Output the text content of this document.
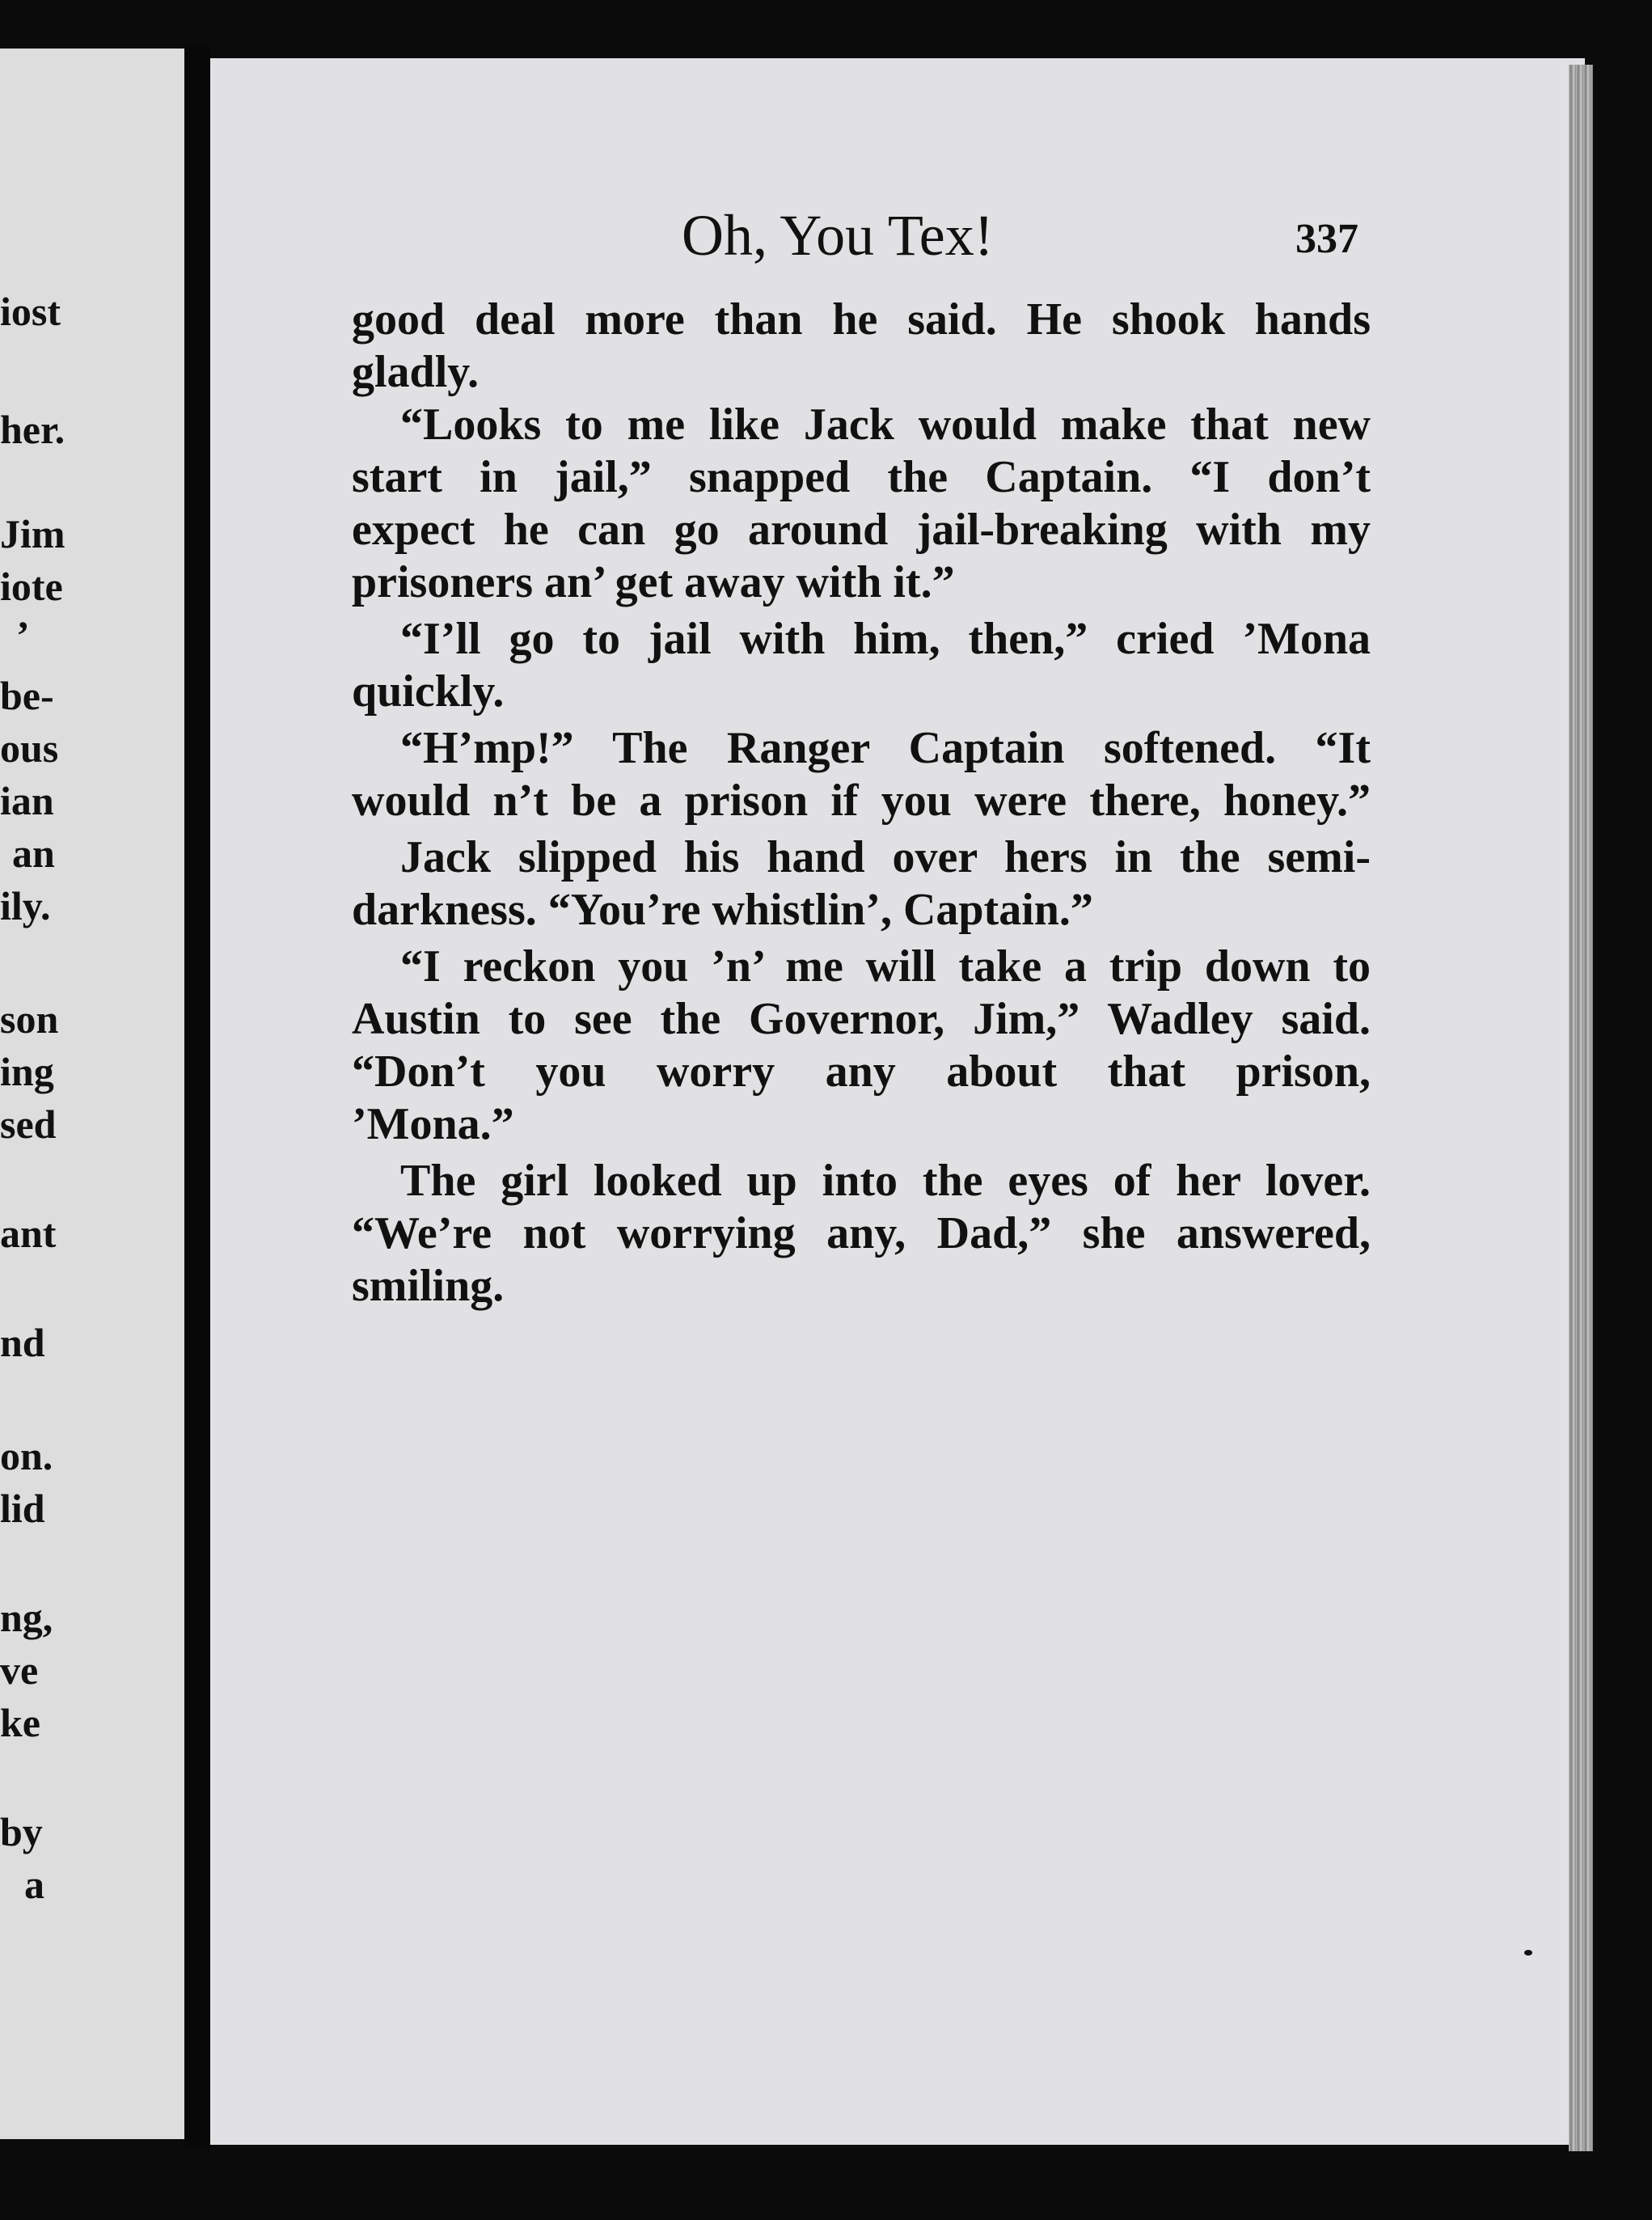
iost
her.
Jim
iote
’
be-
ous
ian
an
ily.
son
ing
sed
ant
nd
on.
lid
ng,
ve
ke
by
a
Oh, You Tex!	337
good deal more than he said. He shook hands
gladly.
“Looks to me like Jack would make that new
start in jail,” snapped the Captain. “I don’t
expect he can go around jail-breaking with my
prisoners an’ get away with it.”
“I’ll go to jail with him, then,” cried ’Mona
quickly.
“H’mp!” The Ranger Captain softened. “It
would n’t be a prison if you were there, honey.”
Jack slipped his hand over hers in the semi-
darkness. “You’re whistlin’, Captain.”
“I reckon you ’n’ me will take a trip down to
Austin to see the Governor, Jim,” Wadley said.
“Don’t you worry any about that prison,
’Mona.”
The girl looked up into the eyes of her lover.
“We’re not worrying any, Dad,” she answered,
smiling.
